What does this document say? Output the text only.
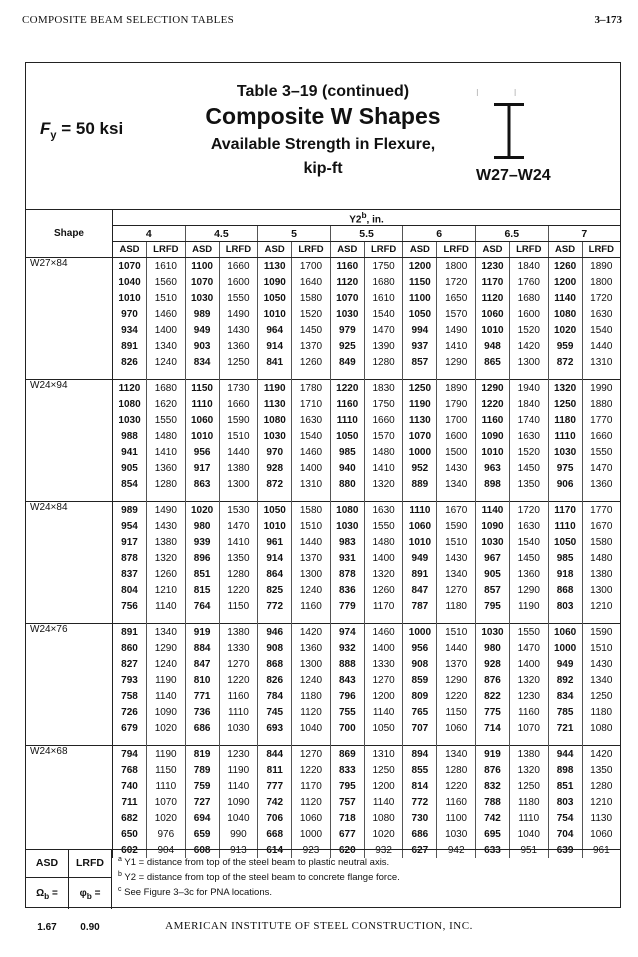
COMPOSITE BEAM SELECTION TABLES	3–173
$F_y = 50$ ksi
I         I
Table 3–19 (continued)
Composite W Shapes
Available Strength in Flexure,
kip-ft	W27–W24
Shape	Y2$^b$, in.													
	4		4.5		5		5.5		6		6.5		7	
	ASD	LRFD	ASD	LRFD	ASD	LRFD	ASD	LRFD	ASD	LRFD	ASD	LRFD	ASD	LRFD
W27×84	1070	1610	1100	1660	1130	1700	1160	1750	1200	1800	1230	1840	1260	1890
	1040	1560	1070	1600	1090	1640	1120	1680	1150	1720	1170	1760	1200	1800
	1010	1510	1030	1550	1050	1580	1070	1610	1100	1650	1120	1680	1140	1720
	970	1460	989	1490	1010	1520	1030	1540	1050	1570	1060	1600	1080	1630
	934	1400	949	1430	964	1450	979	1470	994	1490	1010	1520	1020	1540
	891	1340	903	1360	914	1370	925	1390	937	1410	948	1420	959	1440
	826	1240	834	1250	841	1260	849	1280	857	1290	865	1300	872	1310

W24×94	1120	1680	1150	1730	1190	1780	1220	1830	1250	1890	1290	1940	1320	1990
	1080	1620	1110	1660	1130	1710	1160	1750	1190	1790	1220	1840	1250	1880
	1030	1550	1060	1590	1080	1630	1110	1660	1130	1700	1160	1740	1180	1770
	988	1480	1010	1510	1030	1540	1050	1570	1070	1600	1090	1630	1110	1660
	941	1410	956	1440	970	1460	985	1480	1000	1500	1010	1520	1030	1550
	905	1360	917	1380	928	1400	940	1410	952	1430	963	1450	975	1470
	854	1280	863	1300	872	1310	880	1320	889	1340	898	1350	906	1360

W24×84	989	1490	1020	1530	1050	1580	1080	1630	1110	1670	1140	1720	1170	1770
	954	1430	980	1470	1010	1510	1030	1550	1060	1590	1090	1630	1110	1670
	917	1380	939	1410	961	1440	983	1480	1010	1510	1030	1540	1050	1580
	878	1320	896	1350	914	1370	931	1400	949	1430	967	1450	985	1480
	837	1260	851	1280	864	1300	878	1320	891	1340	905	1360	918	1380
	804	1210	815	1220	825	1240	836	1260	847	1270	857	1290	868	1300
	756	1140	764	1150	772	1160	779	1170	787	1180	795	1190	803	1210

W24×76	891	1340	919	1380	946	1420	974	1460	1000	1510	1030	1550	1060	1590
	860	1290	884	1330	908	1360	932	1400	956	1440	980	1470	1000	1510
	827	1240	847	1270	868	1300	888	1330	908	1370	928	1400	949	1430
	793	1190	810	1220	826	1240	843	1270	859	1290	876	1320	892	1340
	758	1140	771	1160	784	1180	796	1200	809	1220	822	1230	834	1250
	726	1090	736	1110	745	1120	755	1140	765	1150	775	1160	785	1180
	679	1020	686	1030	693	1040	700	1050	707	1060	714	1070	721	1080

W24×68	794	1190	819	1230	844	1270	869	1310	894	1340	919	1380	944	1420
	768	1150	789	1190	811	1220	833	1250	855	1280	876	1320	898	1350
	740	1110	759	1140	777	1170	795	1200	814	1220	832	1250	851	1280
	711	1070	727	1090	742	1120	757	1140	772	1160	788	1180	803	1210
	682	1020	694	1040	706	1060	718	1080	730	1100	742	1110	754	1130
	650	976	659	990	668	1000	677	1020	686	1030	695	1040	704	1060
	602	904	608	913	614	923	620	932	627	942	633	951	639	961
ASD	LRFD
$\Omega_b = 1.67$
$\varphi_b = 0.90$
$^a$ Y1 = distance from top of the steel beam to plastic neutral axis.
$^b$ Y2 = distance from top of the steel beam to concrete flange force.
$^c$ See Figure 3–3c for PNA locations.
AMERICAN INSTITUTE OF STEEL CONSTRUCTION, INC.
